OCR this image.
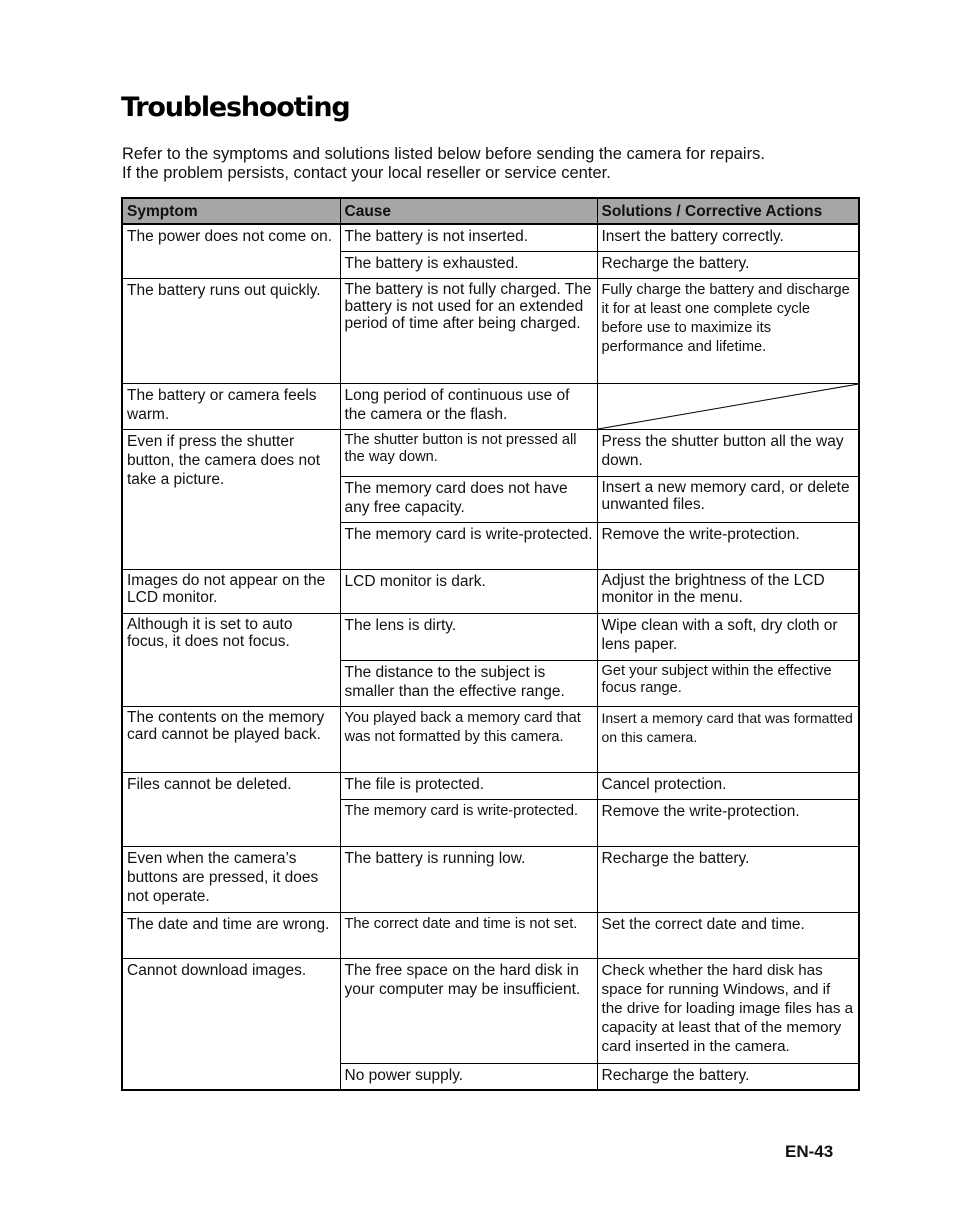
Troubleshooting
Refer to the symptoms and solutions listed below before sending the camera for repairs.
If the problem persists, contact your local reseller or service center.
Symptom	Cause	Solutions / Corrective Actions
The power does not come on.	The battery is not inserted.	Insert the battery correctly.
	The battery is exhausted.	Recharge the battery.
The battery runs out quickly.	The battery is not fully charged. The battery is not used for an extended period of time after being charged.	Fully charge the battery and discharge it for at least one complete cycle before use to maximize its performance and lifetime.
The battery or camera feels warm.	Long period of continuous use of the camera or the flash.	

Even if press the shutter button, the camera does not take a picture.	The shutter button is not pressed all the way down.	Press the shutter button all the way down.
	The memory card does not have any free capacity.	Insert a new memory card, or delete unwanted files.
	The memory card is write-protected.	Remove the write-protection.
Images do not appear on the LCD monitor.	LCD monitor is dark.	Adjust the brightness of the LCD monitor in the menu.
Although it is set to auto focus, it does not focus.	The lens is dirty.	Wipe clean with a soft, dry cloth or lens paper.
	The distance to the subject is smaller than the effective range.	Get your subject within the effective focus range.
The contents on the memory card cannot be played back.	You played back a memory card that was not formatted by this camera.	Insert a memory card that was formatted on this camera.
Files cannot be deleted.	The file is protected.	Cancel protection.
	The memory card is write-protected.	Remove the write-protection.
Even when the camera’s buttons are pressed, it does not operate.	The battery is running low.	Recharge the battery.
The date and time are wrong.	The correct date and time is not set.	Set the correct date and time.
Cannot download images.	The free space on the hard disk in your computer may be insufficient.	Check whether the hard disk has space for running Windows, and if the drive for loading image files has a capacity at least that of the memory card inserted in the camera.
	No power supply.	Recharge the battery.

EN-43
